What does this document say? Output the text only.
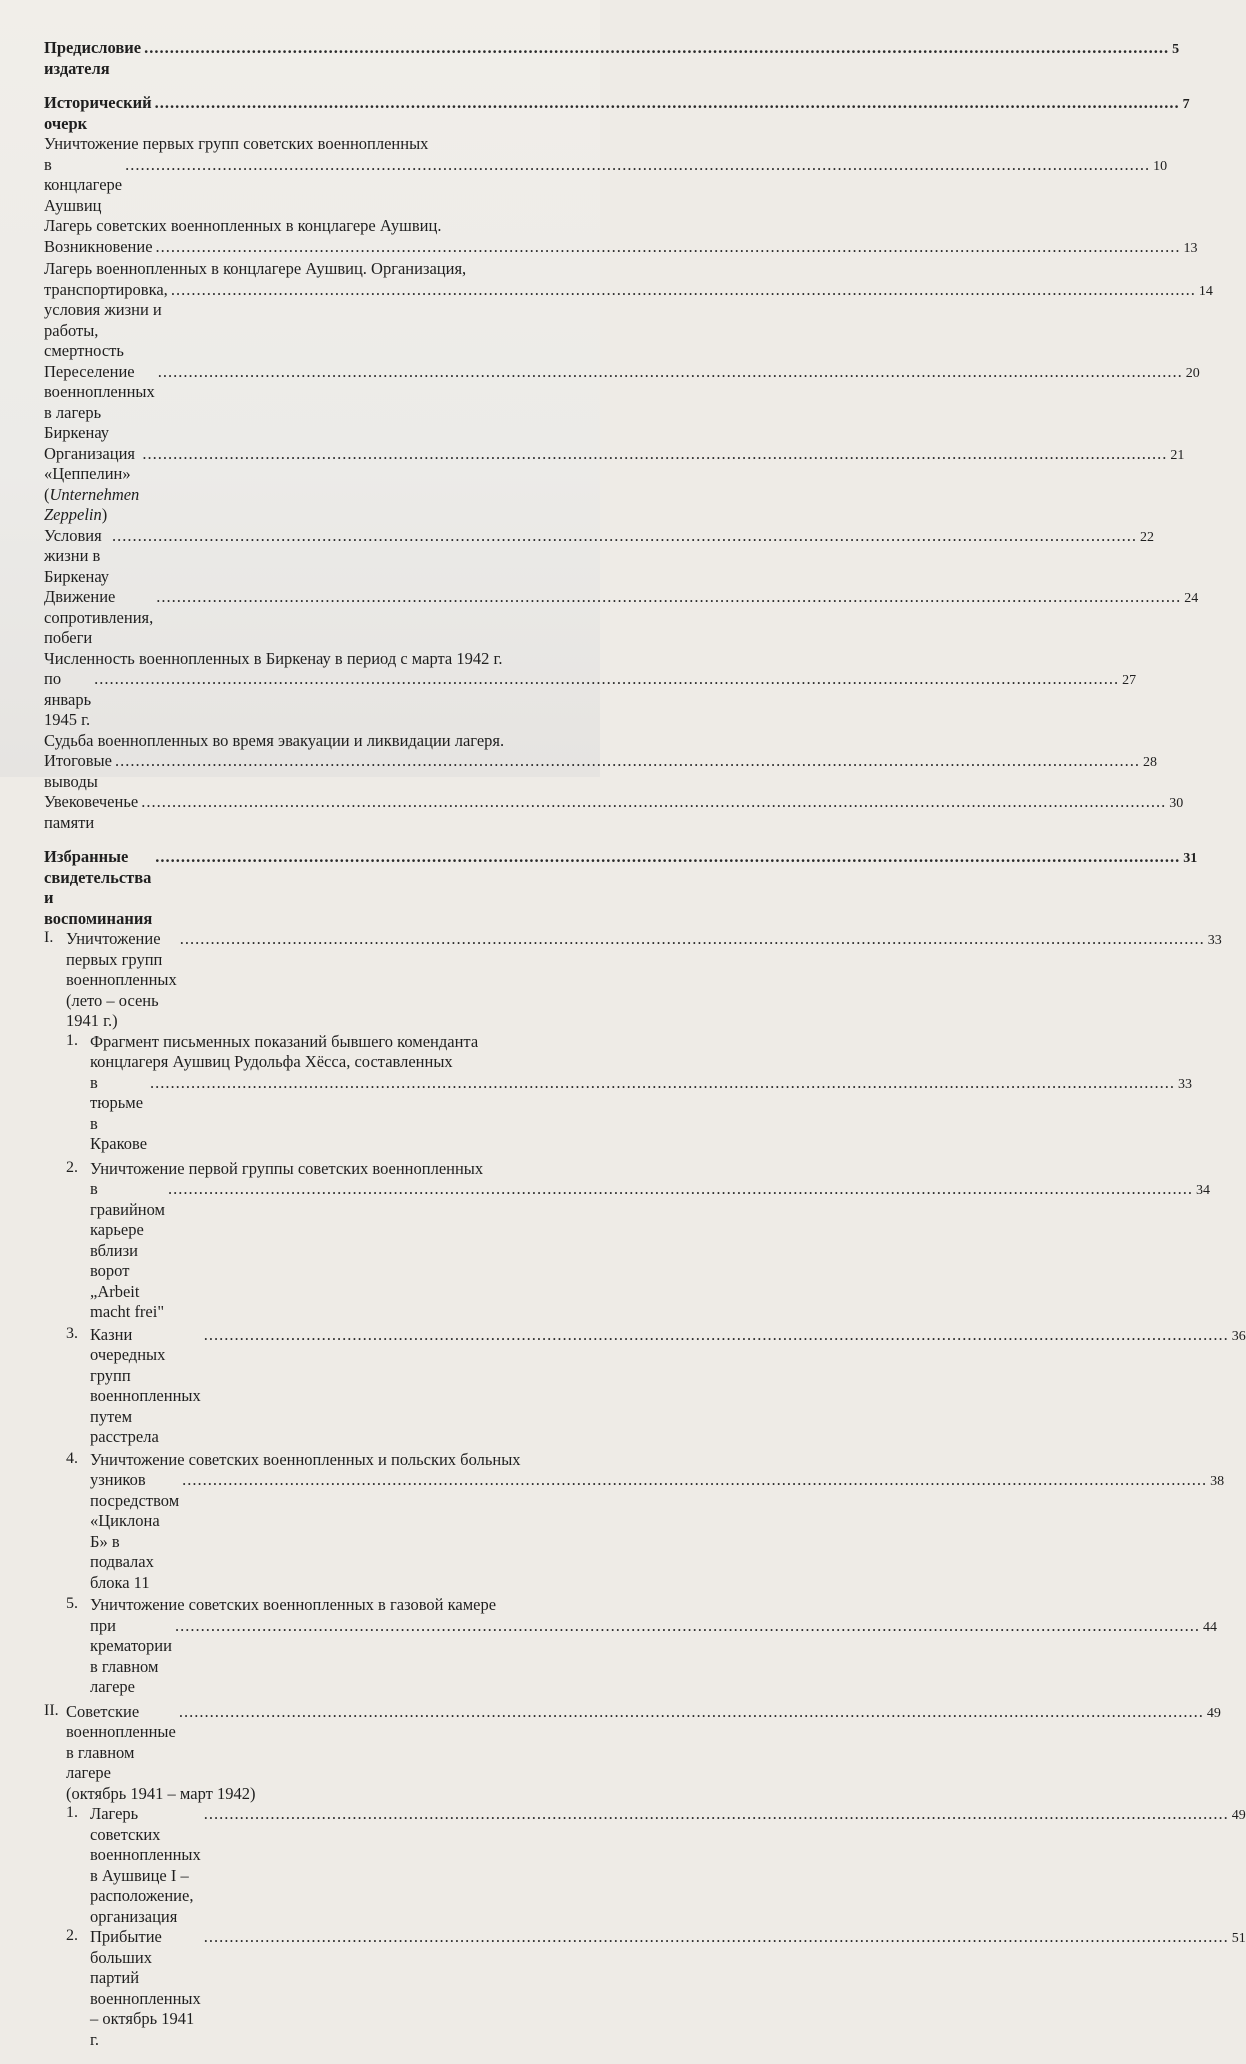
Предисловие издателя
.....
5
Исторический очерк
.....
7
Уничтожение первых групп советских военнопленных
в концлагере Аушвиц
.....
10
Лагерь советских военнопленных в концлагере Аушвиц.
Возникновение
.....	13
Лагерь военнопленных в концлагере Аушвиц. Организация,
транспортировка, условия жизни и работы, смертность
.....
14
Переселение военнопленных в лагерь Биркенау
.....
20
Организация «Цеппелин» (Unternehmen Zeppelin)
.....
21
Условия жизни в Биркенау
.....
22
Движение сопротивления, побеги
.....
24
Численность военнопленных в Биркенау в период с марта 1942 г.
по январь 1945 г.
.....
27
Судьба военнопленных во время эвакуации и ликвидации лагеря.
Итоговые выводы
.....
28
Увековеченье памяти
.....
30
Избранные свидетельства и воспоминания
.....
31
I. Уничтожение первых групп военнопленных (лето – осень 1941 г.)
.....
33
1. Фрагмент письменных показаний бывшего коменданта
концлагеря Аушвиц Рудольфа Хёсса, составленных
в тюрьме в Кракове
.....
33
2. Уничтожение первой группы советских военнопленных
в гравийном карьере вблизи ворот „Arbeit macht frei"
.....
34
3. Казни очередных групп военнопленных путем расстрела
.....
36
4. Уничтожение советских военнопленных и польских больных
узников посредством «Циклона Б» в подвалах блока 11
.....
38
5. Уничтожение советских военнопленных в газовой камере
при крематории в главном лагере
.....
44
II. Советские военнопленные в главном лагере
.....
49
(октябрь 1941 – март 1942)
1. Лагерь советских военнопленных в Аушвице I – расположение,
.....
49
организация
2. Прибытие больших партий военнопленных – октябрь 1941 г.
.....
51
